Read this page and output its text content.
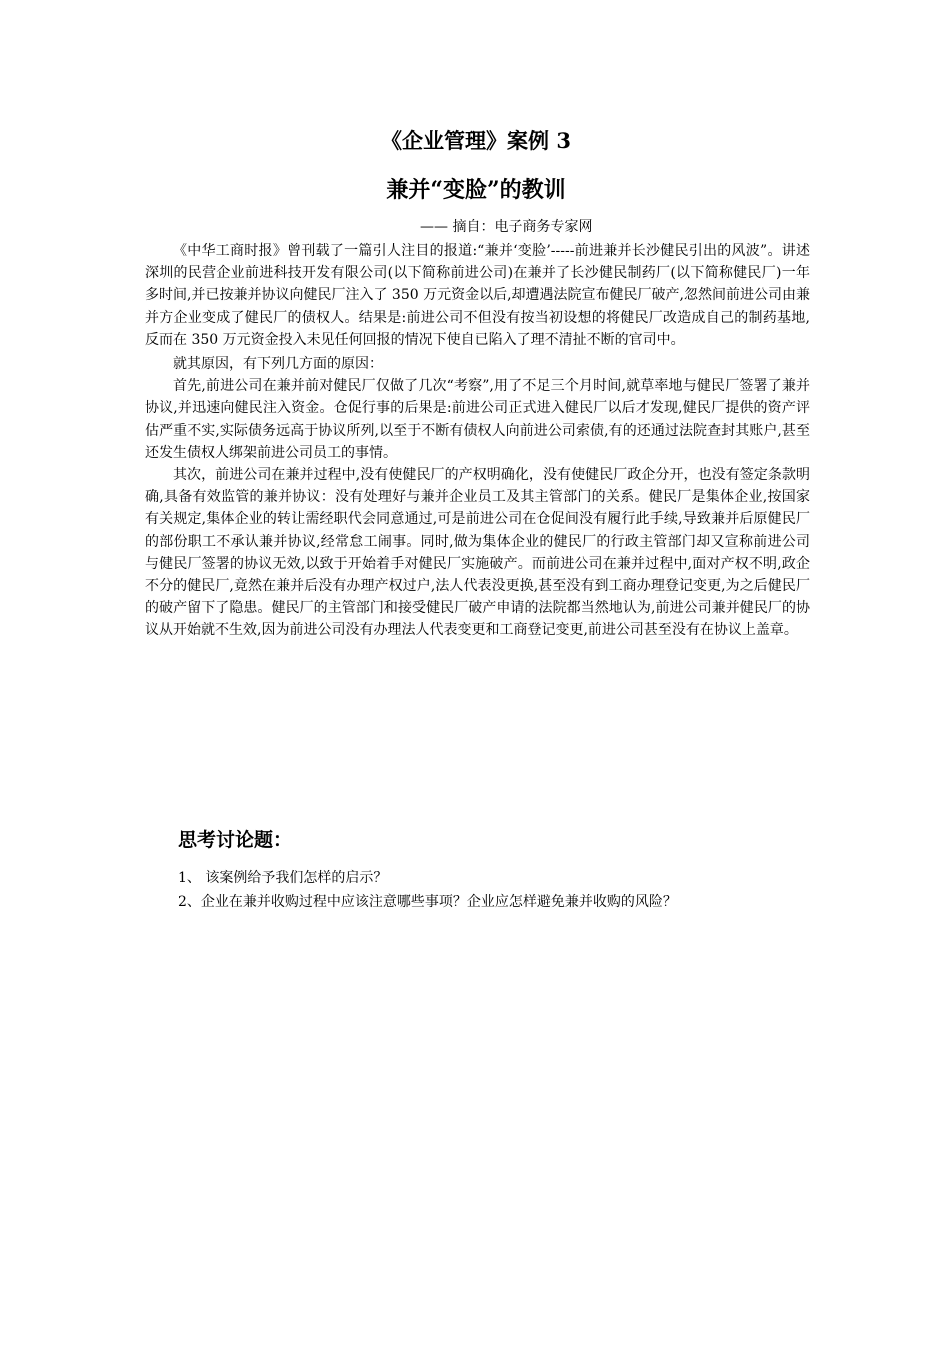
《企业管理》案例 3
兼并“变脸”的教训
—— 摘自：电子商务专家网

《中华工商时报》曾刊载了一篇引人注目的报道:“兼并‘变脸’-----前进兼并长沙健民引出的风波”。讲述深圳的民营企业前进科技开发有限公司(以下简称前进公司)在兼并了长沙健民制药厂(以下简称健民厂)一年多时间,并已按兼并协议向健民厂注入了 350 万元资金以后,却遭遇法院宣布健民厂破产,忽然间前进公司由兼并方企业变成了健民厂的债权人。结果是:前进公司不但没有按当初设想的将健民厂改造成自己的制药基地,反而在 350 万元资金投入未见任何回报的情况下使自已陷入了理不清扯不断的官司中。

就其原因，有下列几方面的原因：

首先,前进公司在兼并前对健民厂仅做了几次“考察”,用了不足三个月时间,就草率地与健民厂签署了兼并协议,并迅速向健民注入资金。仓促行事的后果是:前进公司正式进入健民厂以后才发现,健民厂提供的资产评估严重不实,实际债务远高于协议所列,以至于不断有债权人向前进公司索债,有的还通过法院查封其账户,甚至还发生债权人绑架前进公司员工的事情。

其次，前进公司在兼并过程中,没有使健民厂的产权明确化，没有使健民厂政企分开，也没有签定条款明确,具备有效监管的兼并协议：没有处理好与兼并企业员工及其主管部门的关系。健民厂是集体企业,按国家有关规定,集体企业的转让需经职代会同意通过,可是前进公司在仓促间没有履行此手续,导致兼并后原健民厂的部份职工不承认兼并协议,经常怠工闹事。同时,做为集体企业的健民厂的行政主管部门却又宣称前进公司与健民厂签署的协议无效,以致于开始着手对健民厂实施破产。而前进公司在兼并过程中,面对产权不明,政企不分的健民厂,竟然在兼并后没有办理产权过户,法人代表没更换,甚至没有到工商办理登记变更,为之后健民厂的破产留下了隐患。健民厂的主管部门和接受健民厂破产申请的法院都当然地认为,前进公司兼并健民厂的协议从开始就不生效,因为前进公司没有办理法人代表变更和工商登记变更,前进公司甚至没有在协议上盖章。

思考讨论题：
1、 该案例给予我们怎样的启示？
2、企业在兼并收购过程中应该注意哪些事项？企业应怎样避免兼并收购的风险？
